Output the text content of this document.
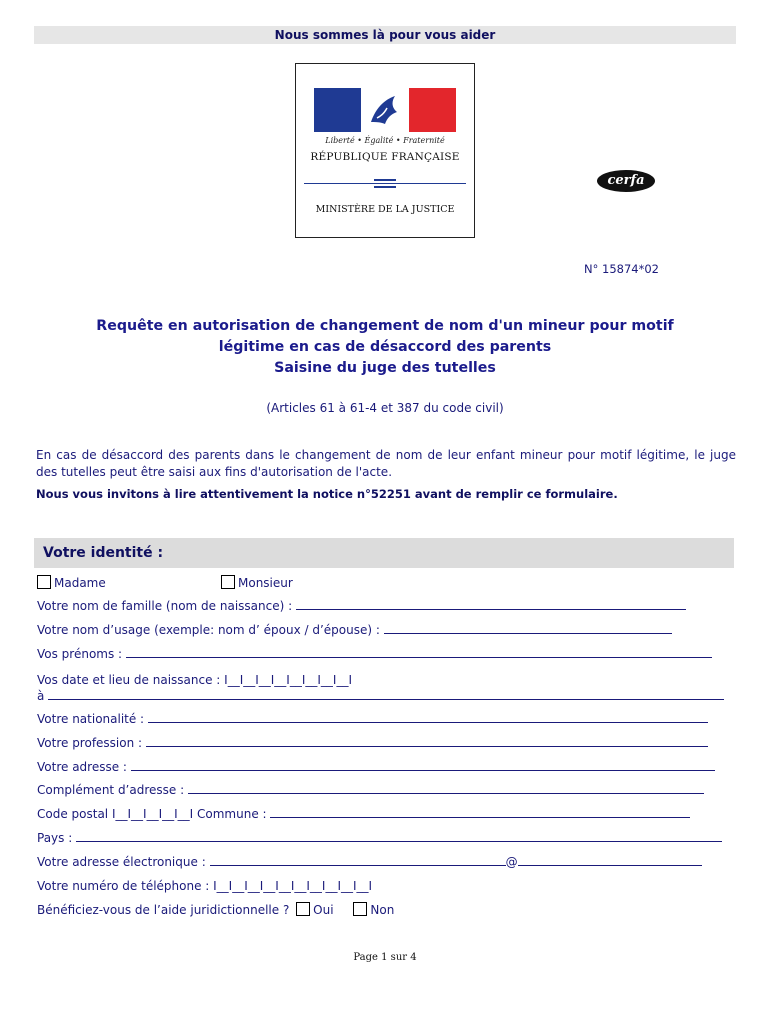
Nous sommes là pour vous aider
Liberté • Égalité • Fraternité
RÉPUBLIQUE FRANÇAISE
MINISTÈRE DE LA JUSTICE
cerfa
N° 15874*02
Requête en autorisation de changement de nom d'un mineur pour motif
légitime en cas de désaccord des parents
Saisine du juge des tutelles
(Articles 61 à 61-4 et 387 du code civil)
En cas de désaccord des parents dans le changement de nom de leur enfant mineur pour motif légitime, le juge des tutelles peut être saisi aux fins d'autorisation de l'acte.
Nous vous invitons à lire attentivement la notice n°52251 avant de remplir ce formulaire.
Votre identité :
Madame	Monsieur
Votre nom de famille (nom de naissance) :
Votre nom d’usage (exemple: nom d’ époux / d’épouse) :
Vos prénoms :
Vos date et lieu de naissance : I__I__I__I__I__I__I__I__I
à
Votre nationalité :
Votre profession :
Votre adresse :
Complément d’adresse :
Code postal I__I__I__I__I__I Commune :
Pays :
Votre adresse électronique :	@
Votre numéro de téléphone : I__I__I__I__I__I__I__I__I__I__I
Bénéficiez-vous de l’aide juridictionnelle ? Oui	Non
Page 1 sur 4
